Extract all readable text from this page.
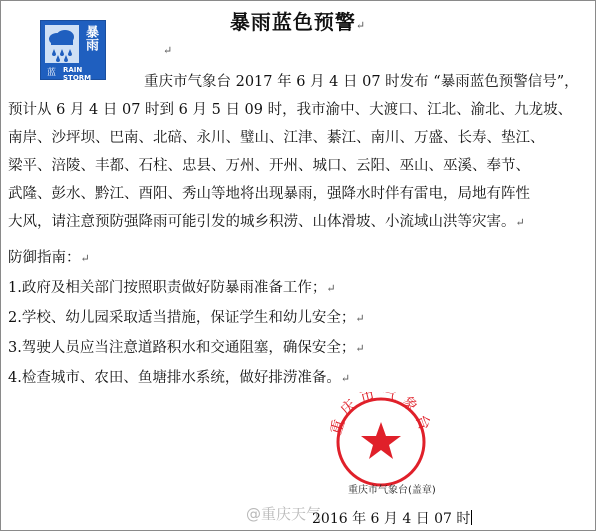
暴雨蓝色预警↵
暴雨
蓝 RAIN STORM
↵
重庆市气象台 2017 年 6 月 4 日 07 时发布 “暴雨蓝色预警信号”，
预计从 6 月 4 日 07 时到 6 月 5 日 09 时，我市渝中、大渡口、江北、渝北、九龙坡、
南岸、沙坪坝、巴南、北碚、永川、璧山、江津、綦江、南川、万盛、长寿、垫江、
梁平、涪陵、丰都、石柱、忠县、万州、开州、城口、云阳、巫山、巫溪、奉节、
武隆、彭水、黔江、酉阳、秀山等地将出现暴雨，强降水时伴有雷电，局地有阵性
大风，请注意预防强降雨可能引发的城乡积涝、山体滑坡、小流域山洪等灾害。↵
防御指南：↵
1.政府及相关部门按照职责做好防暴雨准备工作；↵
2.学校、幼儿园采取适当措施，保证学生和幼儿安全；↵
3.驾驶人员应当注意道路积水和交通阻塞，确保安全；↵
4.检查城市、农田、鱼塘排水系统，做好排涝准备。↵
重庆市气象台
重庆市气象台(盖章)
@重庆天气
2016 年 6 月 4 日 07 时
